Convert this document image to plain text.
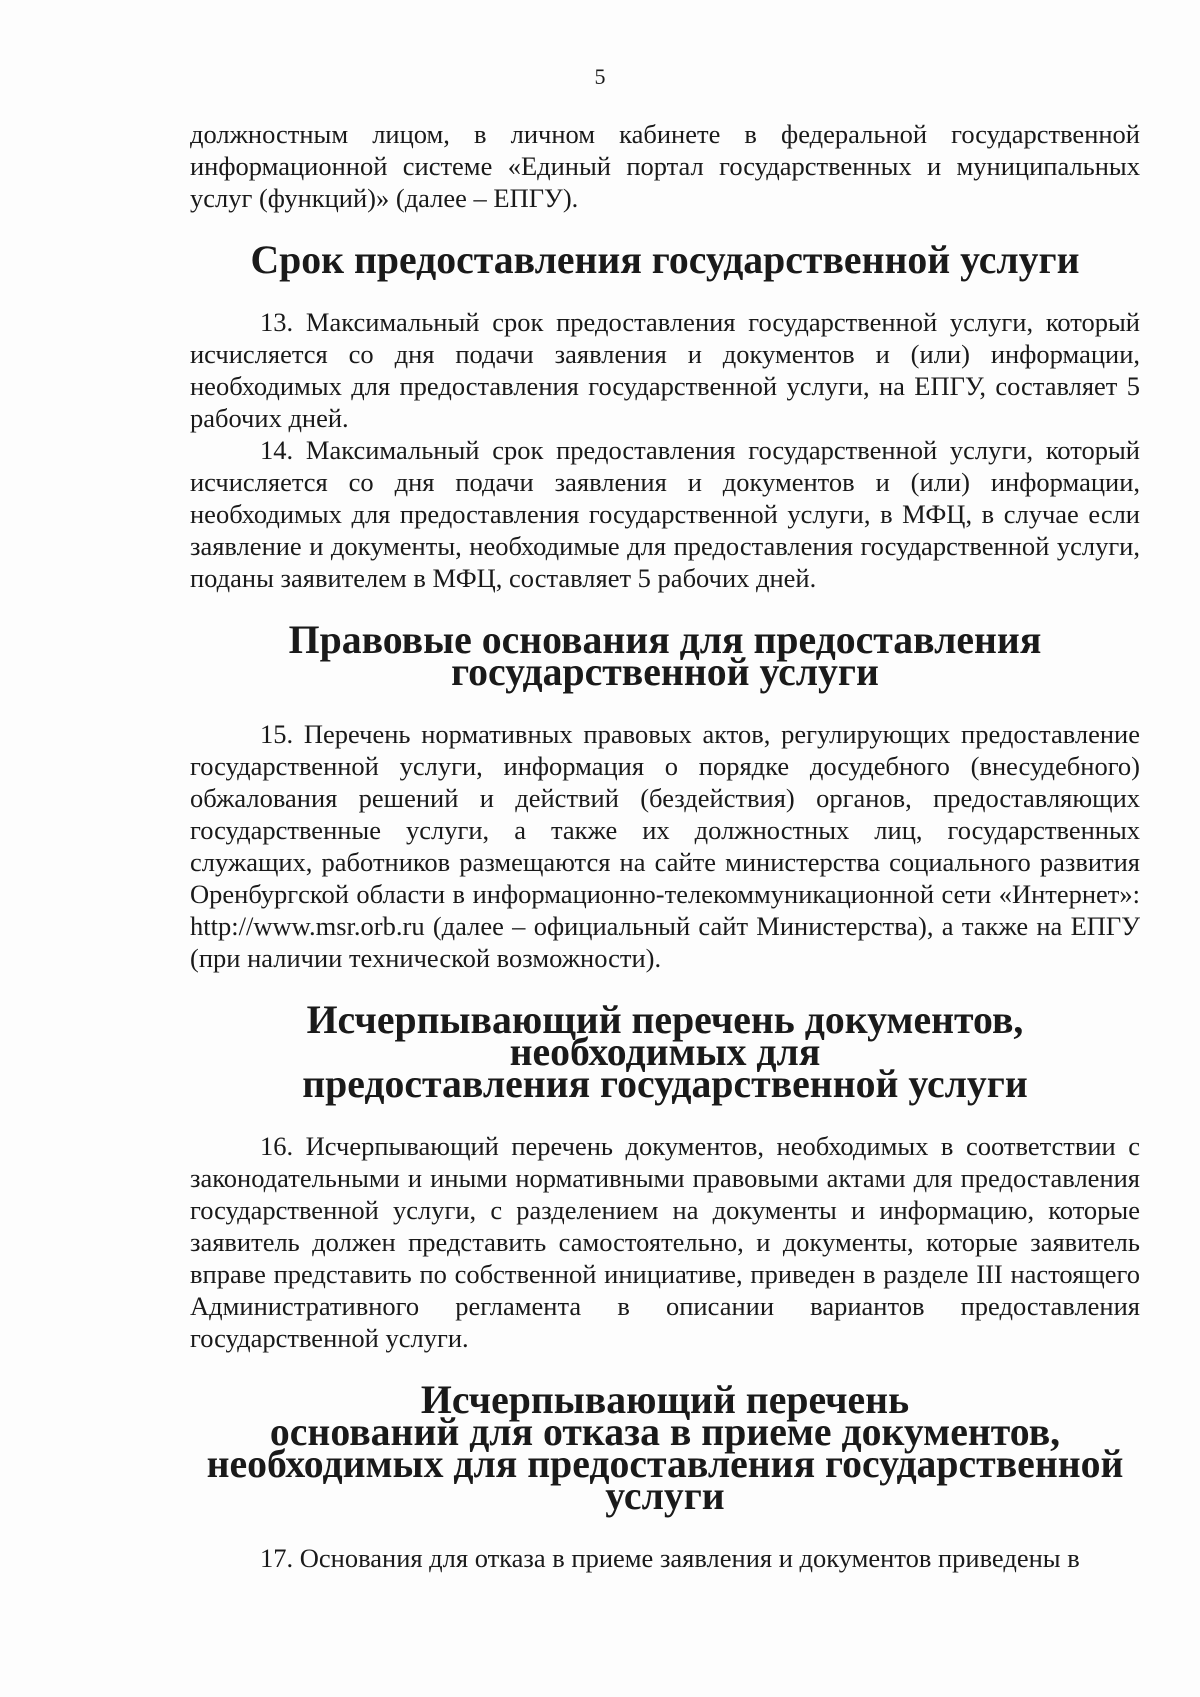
5

должностным лицом, в личном кабинете в федеральной государственной информационной системе «Единый портал государственных и муниципальных услуг (функций)» (далее – ЕПГУ).

Срок предоставления государственной услуги

13. Максимальный срок предоставления государственной услуги, который исчисляется со дня подачи заявления и документов и (или) информации, необходимых для предоставления государственной услуги, на ЕПГУ, составляет 5 рабочих дней.

14. Максимальный срок предоставления государственной услуги, который исчисляется со дня подачи заявления и документов и (или) информации, необходимых для предоставления государственной услуги, в МФЦ, в случае если заявление и документы, необходимые для предоставления государственной услуги, поданы заявителем в МФЦ, составляет 5 рабочих дней.

Правовые основания для предоставления государственной услуги

15. Перечень нормативных правовых актов, регулирующих предоставление государственной услуги, информация о порядке досудебного (внесудебного) обжалования решений и действий (бездействия) органов, предоставляющих государственные услуги, а также их должностных лиц, государственных служащих, работников размещаются на сайте министерства социального развития Оренбургской области в информационно-телекоммуникационной сети «Интернет»: http://www.msr.orb.ru (далее – официальный сайт Министерства), а также на ЕПГУ (при наличии технической возможности).

Исчерпывающий перечень документов, необходимых для
предоставления государственной услуги

16. Исчерпывающий перечень документов, необходимых в соответствии с законодательными и иными нормативными правовыми актами для предоставления государственной услуги, с разделением на документы и информацию, которые заявитель должен представить самостоятельно, и документы, которые заявитель вправе представить по собственной инициативе, приведен в разделе III настоящего Административного регламента в описании вариантов предоставления государственной услуги.

Исчерпывающий перечень
оснований для отказа в приеме документов,
необходимых для предоставления государственной услуги

17. Основания для отказа в приеме заявления и документов приведены в
